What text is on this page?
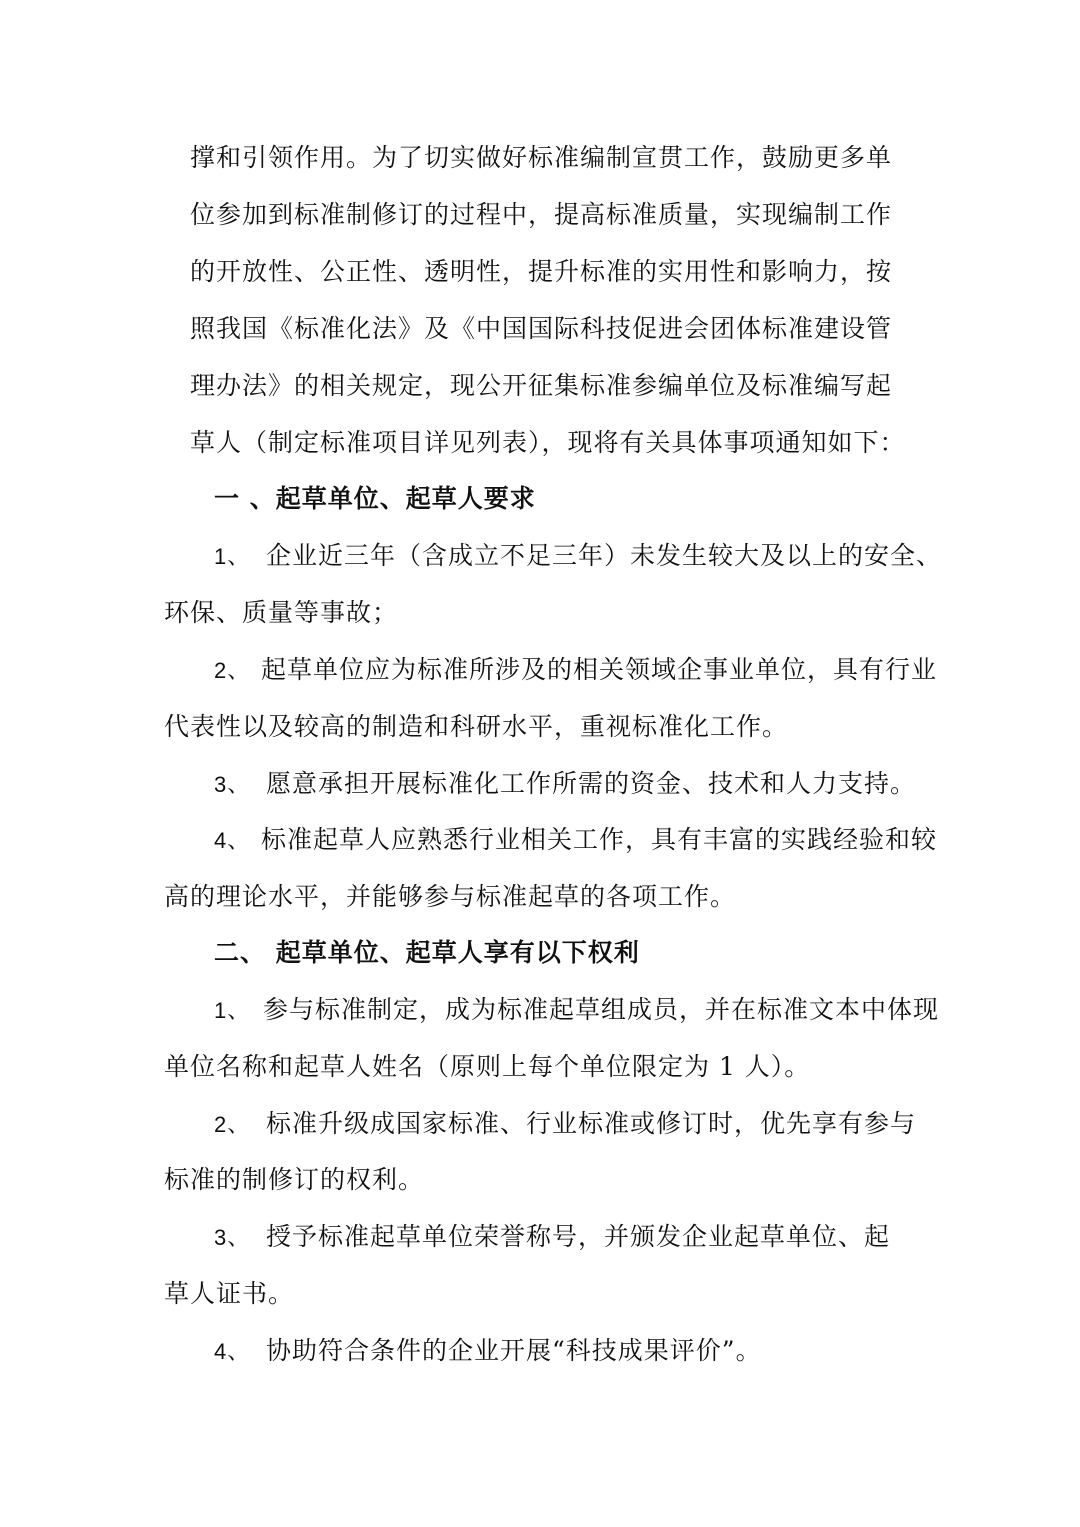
撑和引领作用。为了切实做好标准编制宣贯工作，鼓励更多单
位参加到标准制修订的过程中，提高标准质量，实现编制工作
的开放性、公正性、透明性，提升标准的实用性和影响力，按
照我国《标准化法》及《中国国际科技促进会团体标准建设管
理办法》的相关规定，现公开征集标准参编单位及标准编写起
草人（制定标准项目详见列表），现将有关具体事项通知如下：
一 、起草单位、起草人要求
1、 企业近三年（含成立不足三年）未发生较大及以上的安全、
环保、质量等事故；
2、 起草单位应为标准所涉及的相关领域企事业单位，具有行业
代表性以及较高的制造和科研水平，重视标准化工作。
3、 愿意承担开展标准化工作所需的资金、技术和人力支持。
4、 标准起草人应熟悉行业相关工作，具有丰富的实践经验和较
高的理论水平，并能够参与标准起草的各项工作。
二、 起草单位、起草人享有以下权利
1、 参与标准制定，成为标准起草组成员，并在标准文本中体现
单位名称和起草人姓名（原则上每个单位限定为 1 人）。
2、 标准升级成国家标准、行业标准或修订时，优先享有参与
标准的制修订的权利。
3、 授予标准起草单位荣誉称号，并颁发企业起草单位、起
草人证书。
4、 协助符合条件的企业开展“科技成果评价”。
